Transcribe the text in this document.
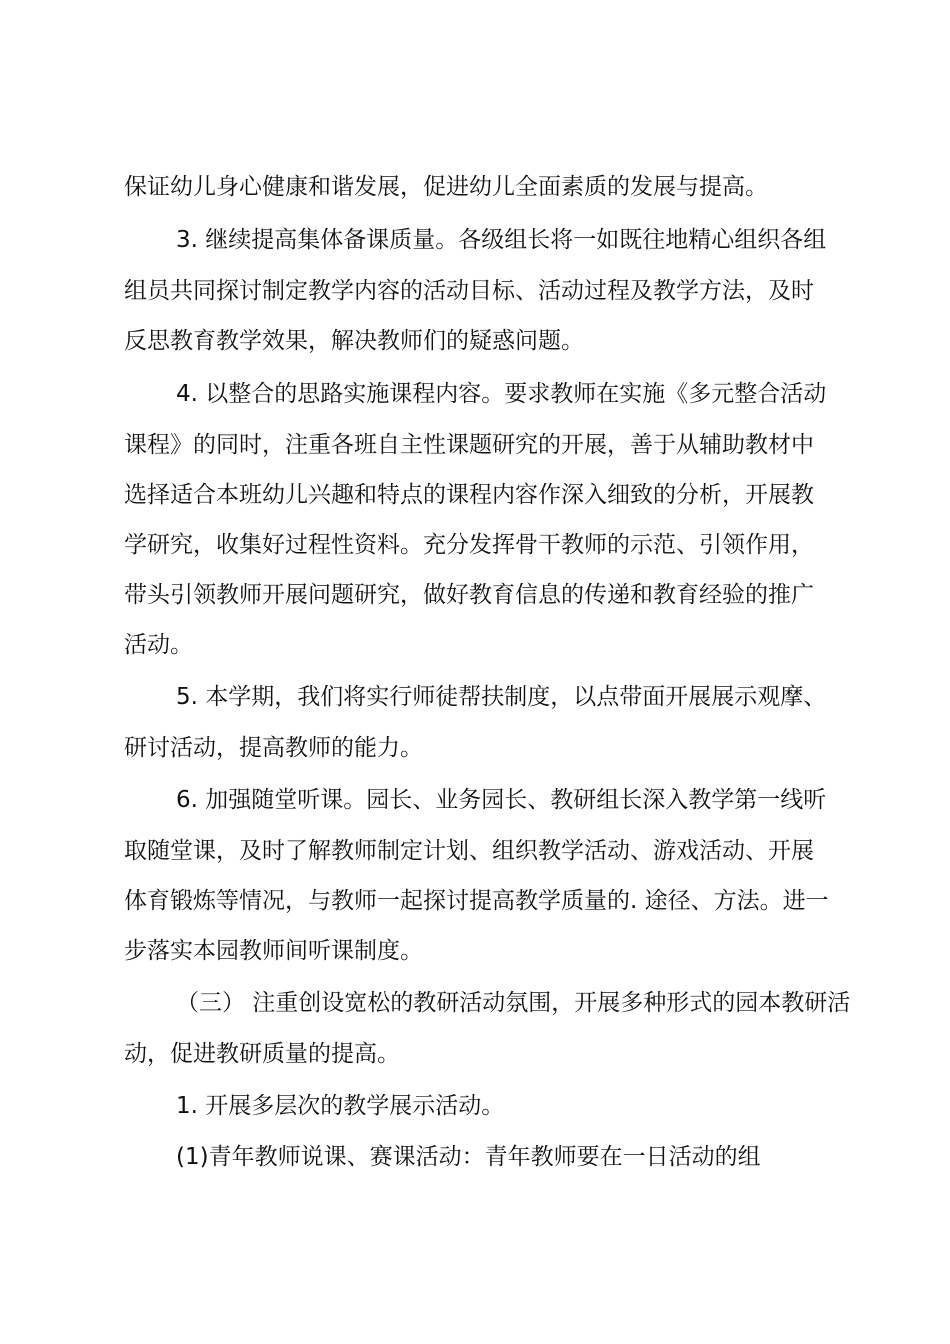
保证幼儿身心健康和谐发展，促进幼儿全面素质的发展与提高。
3. 继续提高集体备课质量。各级组长将一如既往地精心组织各组
组员共同探讨制定教学内容的活动目标、活动过程及教学方法，及时
反思教育教学效果，解决教师们的疑惑问题。
4. 以整合的思路实施课程内容。要求教师在实施《多元整合活动
课程》的同时，注重各班自主性课题研究的开展，善于从辅助教材中
选择适合本班幼儿兴趣和特点的课程内容作深入细致的分析，开展教
学研究，收集好过程性资料。充分发挥骨干教师的示范、引领作用，
带头引领教师开展问题研究，做好教育信息的传递和教育经验的推广
活动。
5. 本学期，我们将实行师徒帮扶制度，以点带面开展展示观摩、
研讨活动，提高教师的能力。
6. 加强随堂听课。园长、业务园长、教研组长深入教学第一线听
取随堂课，及时了解教师制定计划、组织教学活动、游戏活动、开展
体育锻炼等情况，与教师一起探讨提高教学质量的. 途径、方法。进一
步落实本园教师间听课制度。
（三） 注重创设宽松的教研活动氛围，开展多种形式的园本教研活
动，促进教研质量的提高。
1. 开展多层次的教学展示活动。
(1)青年教师说课、赛课活动：青年教师要在一日活动的组
